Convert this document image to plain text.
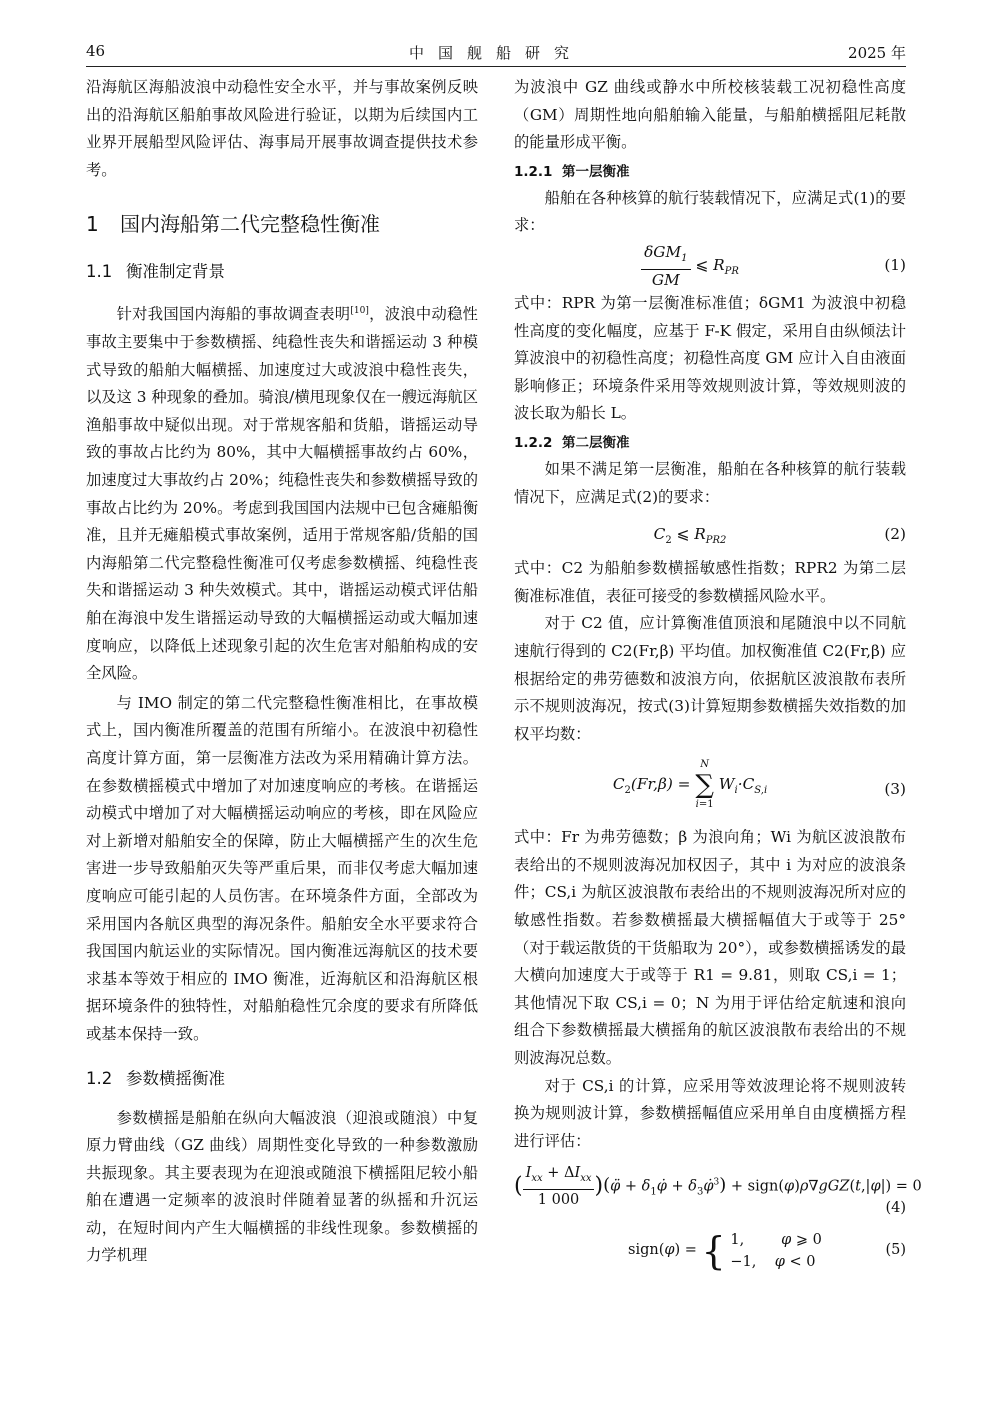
46	中国舰船研究	2025 年

沿海航区海船波浪中动稳性安全水平，并与事故案例反映出的沿海航区船舶事故风险进行验证，以期为后续国内工业界开展船型风险评估、海事局开展事故调查提供技术参考。

1 国内海船第二代完整稳性衡准
1.1 衡准制定背景

针对我国国内海船的事故调查表明[10]，波浪中动稳性事故主要集中于参数横摇、纯稳性丧失和谐摇运动 3 种模式导致的船舶大幅横摇、加速度过大或波浪中稳性丧失，以及这 3 种现象的叠加。骑浪/横甩现象仅在一艘远海航区渔船事故中疑似出现。对于常规客船和货船，谐摇运动导致的事故占比约为 80%，其中大幅横摇事故约占 60%，加速度过大事故约占 20%；纯稳性丧失和参数横摇导致的事故占比约为 20%。考虑到我国国内法规中已包含瘫船衡准，且并无瘫船模式事故案例，适用于常规客船/货船的国内海船第二代完整稳性衡准可仅考虑参数横摇、纯稳性丧失和谐摇运动 3 种失效模式。其中，谐摇运动模式评估船舶在海浪中发生谐摇运动导致的大幅横摇运动或大幅加速度响应，以降低上述现象引起的次生危害对船舶构成的安全风险。

与 IMO 制定的第二代完整稳性衡准相比，在事故模式上，国内衡准所覆盖的范围有所缩小。在波浪中初稳性高度计算方面，第一层衡准方法改为采用精确计算方法。在参数横摇模式中增加了对加速度响应的考核。在谐摇运动模式中增加了对大幅横摇运动响应的考核，即在风险应对上新增对船舶安全的保障，防止大幅横摇产生的次生危害进一步导致船舶灭失等严重后果，而非仅考虑大幅加速度响应可能引起的人员伤害。在环境条件方面，全部改为采用国内各航区典型的海况条件。船舶安全水平要求符合我国国内航运业的实际情况。国内衡准远海航区的技术要求基本等效于相应的 IMO 衡准，近海航区和沿海航区根据环境条件的独特性，对船舶稳性冗余度的要求有所降低或基本保持一致。

1.2 参数横摇衡准

参数横摇是船舶在纵向大幅波浪（迎浪或随浪）中复原力臂曲线（GZ 曲线）周期性变化导致的一种参数激励共振现象。其主要表现为在迎浪或随浪下横摇阻尼较小船舶在遭遇一定频率的波浪时伴随着显著的纵摇和升沉运动，在短时间内产生大幅横摇的非线性现象。参数横摇的力学机理

为波浪中 GZ 曲线或静水中所校核装载工况初稳性高度（GM）周期性地向船舶输入能量，与船舶横摇阻尼耗散的能量形成平衡。

1.2.1 第一层衡准

船舶在各种核算的航行装载情况下，应满足式(1)的要求：

$\frac{\delta GM_1}{GM}$ ⩽ $R_{PR}$	(1)

式中：RPR 为第一层衡准标准值；δGM1 为波浪中初稳性高度的变化幅度，应基于 F-K 假定，采用自由纵倾法计算波浪中的初稳性高度；初稳性高度 GM 应计入自由液面影响修正；环境条件采用等效规则波计算，等效规则波的波长取为船长 L。

1.2.2 第二层衡准

如果不满足第一层衡准，船舶在各种核算的航行装载情况下，应满足式(2)的要求：

$C_2$ ⩽ $R_{PR2}$	(2)

式中：C2 为船舶参数横摇敏感性指数；RPR2 为第二层衡准标准值，表征可接受的参数横摇风险水平。

对于 C2 值，应计算衡准值顶浪和尾随浪中以不同航速航行得到的 C2(Fr,β) 平均值。加权衡准值 C2(Fr,β) 应根据给定的弗劳德数和波浪方向，依据航区波浪散布表所示不规则波海况，按式(3)计算短期参数横摇失效指数的加权平均数：

$C_2(Fr,\beta)$ =
N
∑
i=1
$W_i\cdot C_{S,i}$	(3)

式中：Fr 为弗劳德数；β 为浪向角；Wi 为航区波浪散布表给出的不规则波海况加权因子，其中 i 为对应的波浪条件；CS,i 为航区波浪散布表给出的不规则波海况所对应的敏感性指数。若参数横摇最大横摇幅值大于或等于 25°（对于载运散货的干货船取为 20°），或参数横摇诱发的最大横向加速度大于或等于 R1 = 9.81，则取 CS,i = 1；其他情况下取 CS,i = 0；N 为用于评估给定航速和浪向组合下参数横摇最大横摇角的航区波浪散布表给出的不规则波海况总数。

对于 CS,i 的计算，应采用等效波理论将不规则波转换为规则波计算，参数横摇幅值应采用单自由度横摇方程进行评估：

( $\frac{I_{xx} + \Delta I_{xx}}{1 000}$ )(φ̈ + $\delta_1\varphi̇$ + $\delta_3\varphi̇^3$) + sign(φ)ρ∇gGZ(t,|φ|) = 0
(4)
sign(φ) = { 1,        φ ⩾ 0
−1,    φ < 0
(5)
